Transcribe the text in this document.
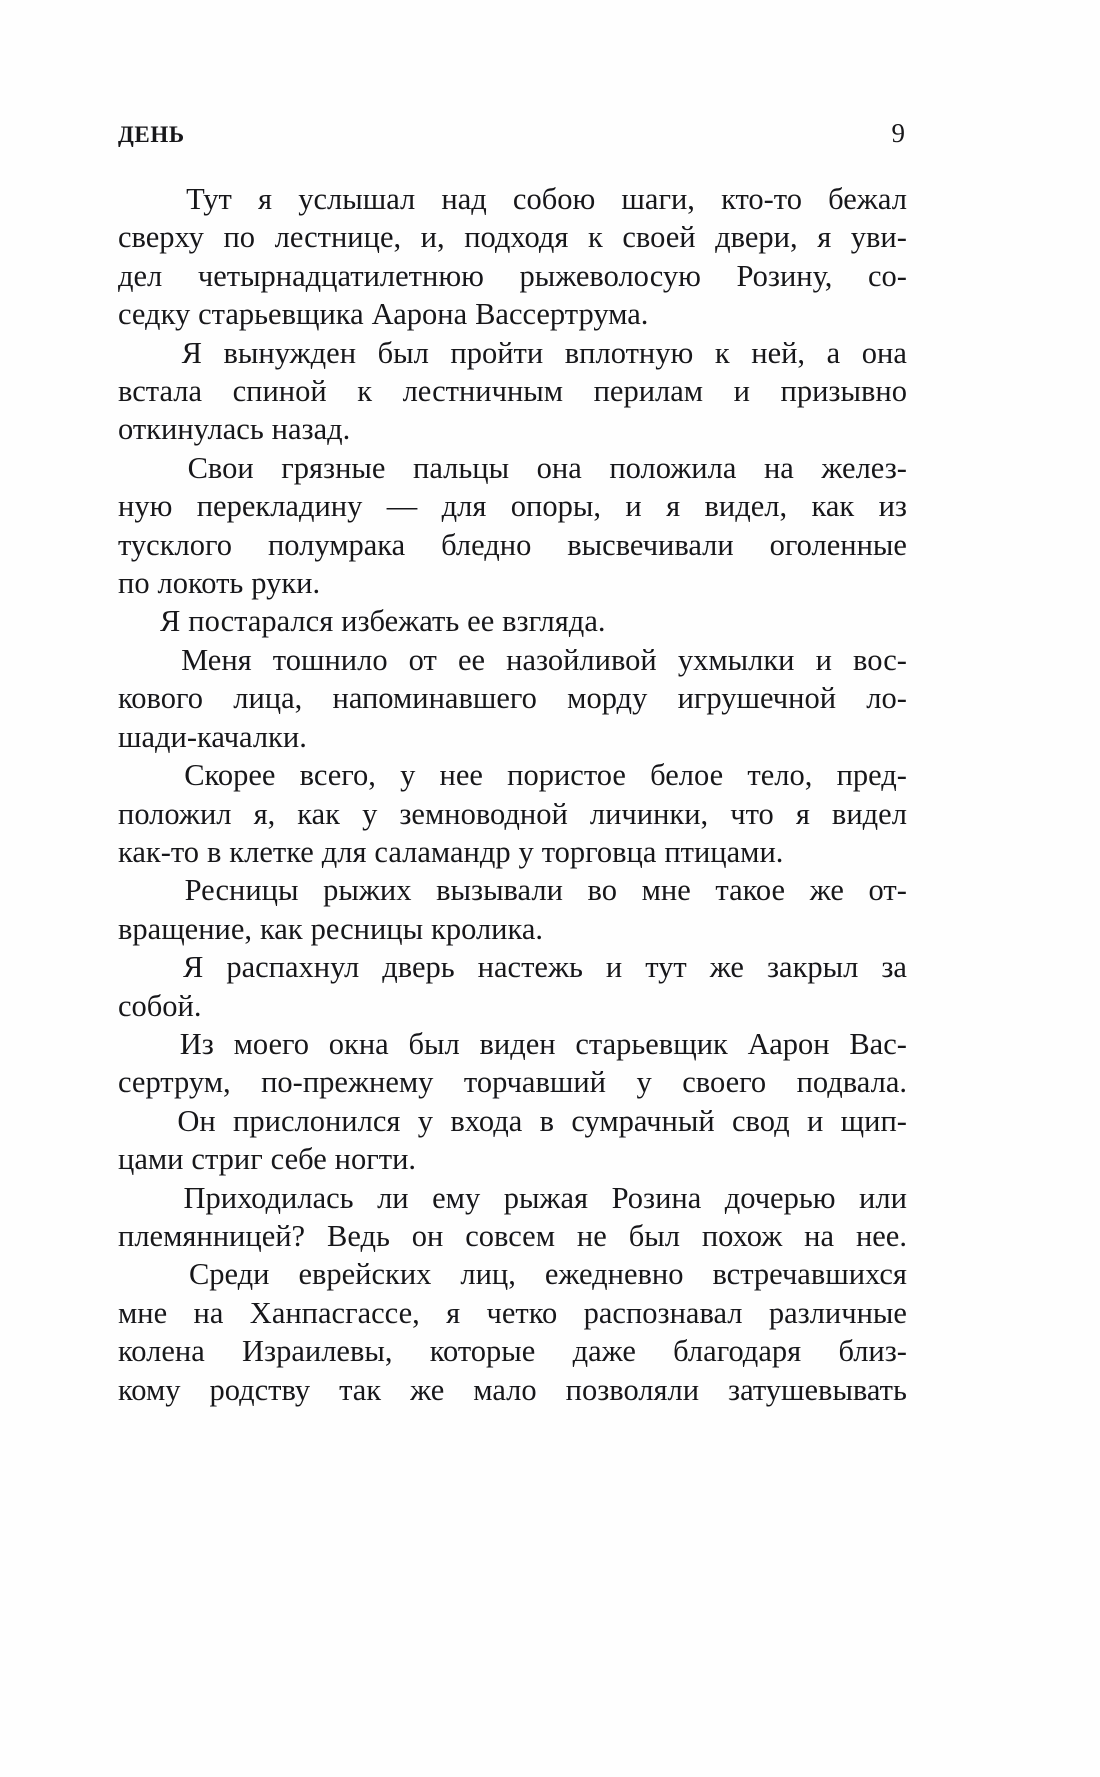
ДЕНЬ	9

Тут я услышал над собою шаги, кто-то бежал
сверху по лестнице, и, подходя к своей двери, я уви-
дел четырнадцатилетнюю рыжеволосую Розину, со-
седку старьевщика Аарона Вассертрума.

Я вынужден был пройти вплотную к ней, а она
встала спиной к лестничным перилам и призывно
откинулась назад.

Свои грязные пальцы она положила на желез-
ную перекладину — для опоры, и я видел, как из
тусклого полумрака бледно высвечивали оголенные
по локоть руки.

Я постарался избежать ее взгляда.

Меня тошнило от ее назойливой ухмылки и вос-
кового лица, напоминавшего морду игрушечной ло-
шади-качалки.

Скорее всего, у нее пористое белое тело, пред-
положил я, как у земноводной личинки, что я видел
как-то в клетке для саламандр у торговца птицами.

Ресницы рыжих вызывали во мне такое же от-
вращение, как ресницы кролика.

Я распахнул дверь настежь и тут же закрыл за
собой.

Из моего окна был виден старьевщик Аарон Вас-
сертрум, по-прежнему торчавший у своего подвала.

Он прислонился у входа в сумрачный свод и щип-
цами стриг себе ногти.

Приходилась ли ему рыжая Розина дочерью или
племянницей? Ведь он совсем не был похож на нее.

Среди еврейских лиц, ежедневно встречавшихся
мне на Ханпасгассе, я четко распознавал различные
колена Израилевы, которые даже благодаря близ-
кому родству так же мало позволяли затушевывать
